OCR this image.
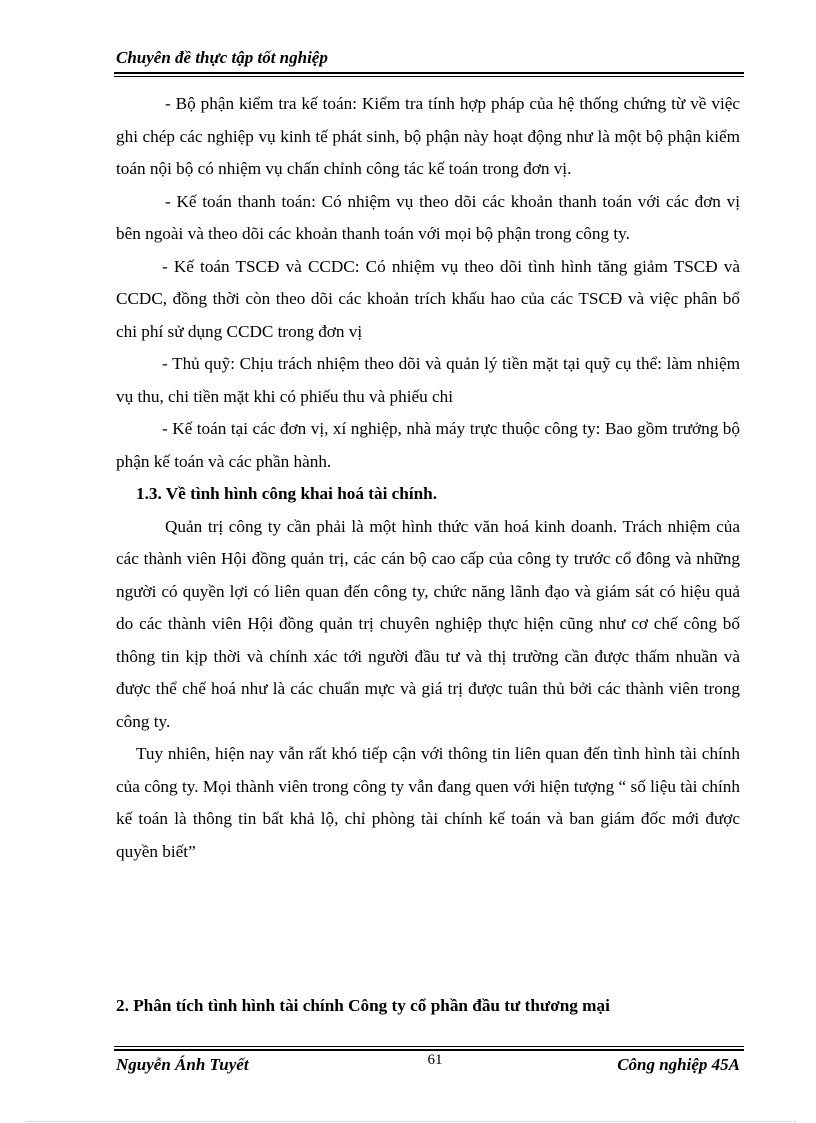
Chuyên đề thực tập tốt nghiệp

- Bộ phận kiểm tra kế toán: Kiểm tra tính hợp pháp của hệ thống chứng từ về việc ghi chép các nghiệp vụ kinh tế phát sinh, bộ phận này hoạt động như là một bộ phận kiểm toán nội bộ có nhiệm vụ chấn chỉnh công tác kế toán trong đơn vị.

- Kế toán thanh toán: Có nhiệm vụ theo dõi các khoản thanh toán với các đơn vị bên ngoài và theo dõi các khoản thanh toán với mọi bộ phận trong công ty.

- Kế toán TSCĐ và CCDC: Có nhiệm vụ theo dõi tình hình tăng giảm TSCĐ và CCDC, đồng thời còn theo dõi các khoản trích khấu hao của các TSCĐ và việc phân bổ chi phí sử dụng CCDC trong đơn vị

- Thủ quỹ: Chịu trách nhiệm theo dõi và quản lý tiền mặt tại quỹ cụ thể: làm nhiệm vụ thu, chi tiền mặt khi có phiếu thu và phiếu chi

- Kế toán tại các đơn vị, xí nghiệp, nhà máy trực thuộc công ty: Bao gồm trưởng bộ phận kế toán và các phần hành.

1.3. Về tình hình công khai hoá tài chính.

Quản trị công ty cần phải là một hình thức văn hoá kinh doanh. Trách nhiệm của các thành viên Hội đồng quản trị, các cán bộ cao cấp của công ty trước cổ đông và những người có quyền lợi có liên quan đến công ty, chức năng lãnh đạo và giám sát có hiệu quả do các thành viên Hội đồng quản trị chuyên nghiệp thực hiện cũng như cơ chế công bố thông tin kịp thời và chính xác tới người đầu tư và thị trường cần được thấm nhuần và được thể chế hoá như là các chuẩn mực và giá trị được tuân thủ bởi các thành viên trong công ty.

Tuy nhiên, hiện nay vẫn rất khó tiếp cận với thông tin liên quan đến tình hình tài chính của công ty. Mọi thành viên trong công ty vẫn đang quen với hiện tượng “ số liệu tài chính kế toán là thông tin bất khả lộ, chỉ phòng tài chính kế toán và ban giám đốc mới được quyền biết”

2. Phân tích tình hình tài chính Công ty cổ phần đầu tư thương mại
Nguyễn Ánh Tuyết	61	Công nghiệp 45A
